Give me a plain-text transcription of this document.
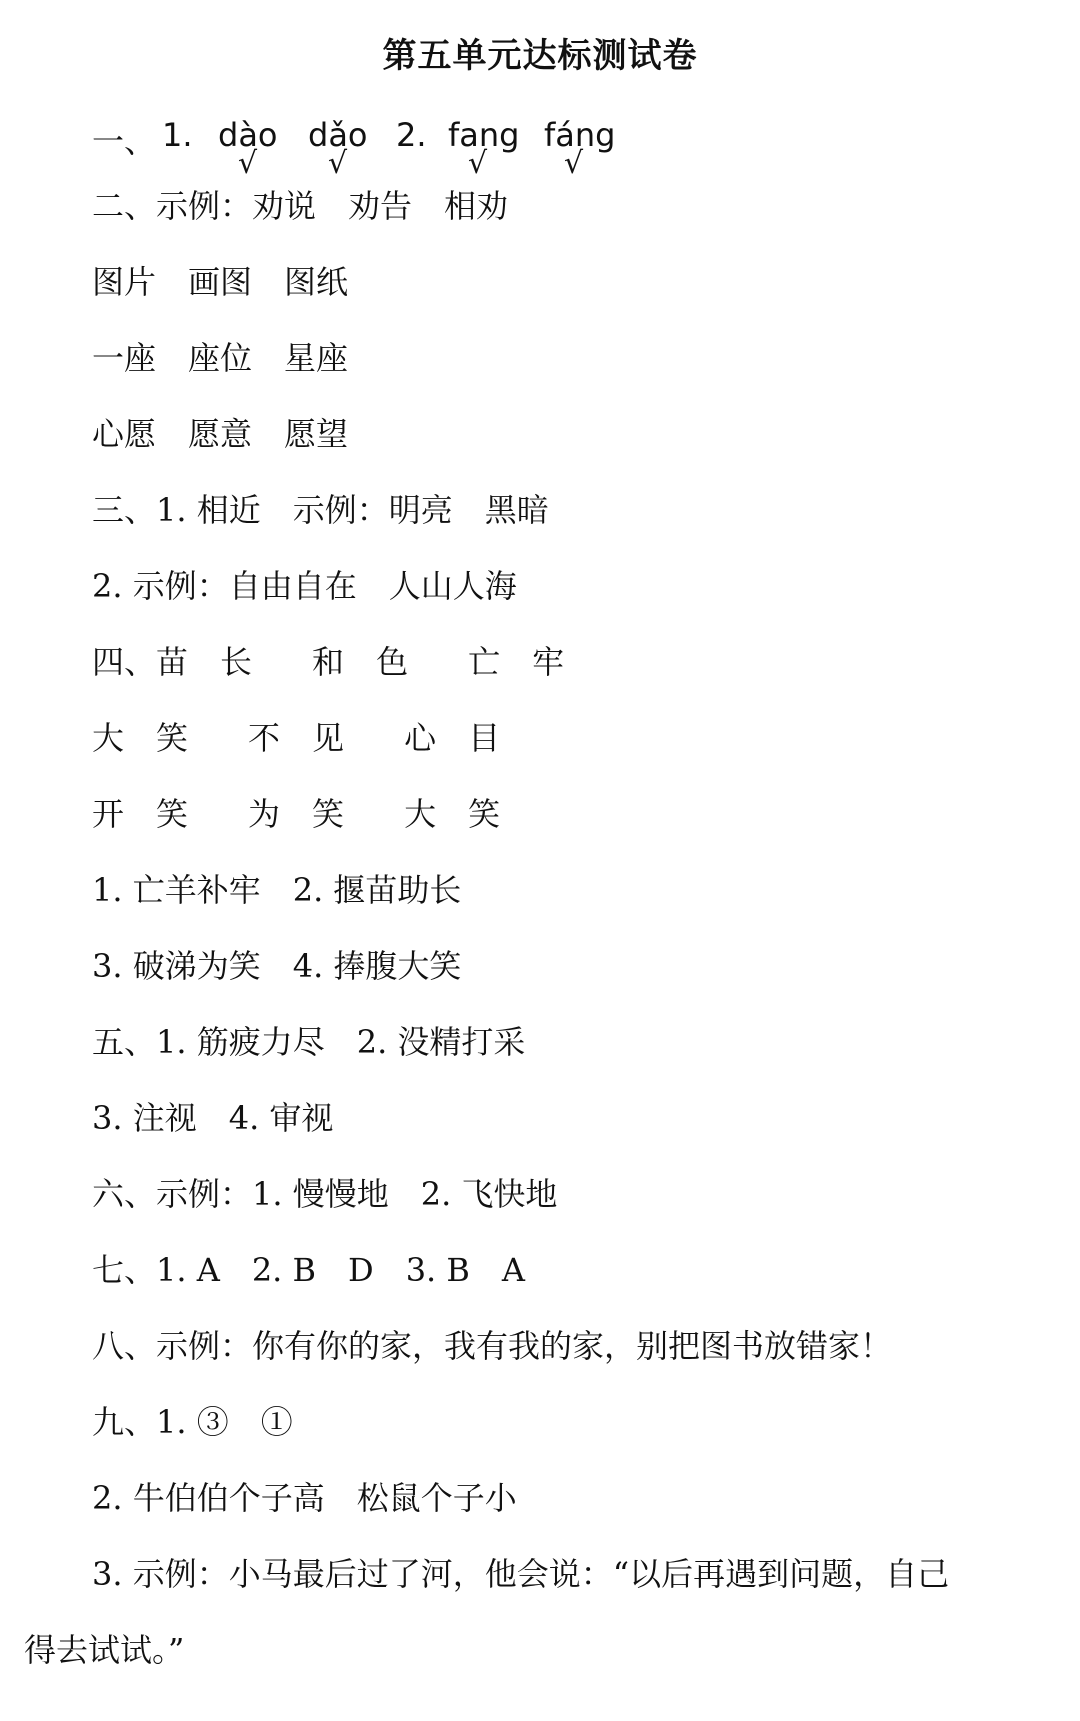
第五单元达标测试卷
一、 1. dào dǎo 2. fang fáng
√ √	√	√
二、示例：劝说　劝告　相劝
图片　画图　图纸
一座　座位　星座
心愿　愿意　愿望
三、1. 相近　示例：明亮　黑暗
2. 示例：自由自在　人山人海
四、苗 长 和 色 亡 牢
大 笑 不 见 心 目
开 笑 为 笑 大 笑
1. 亡羊补牢　2. 揠苗助长
3. 破涕为笑　4. 捧腹大笑
五、1. 筋疲力尽　2. 没精打采
3. 注视　4. 审视
六、示例：1. 慢慢地　2. 飞快地
七、1. A　2. B　D　3. B　A
八、示例：你有你的家，我有我的家，别把图书放错家！
九、1. ③　①
2. 牛伯伯个子高　松鼠个子小
3. 示例：小马最后过了河，他会说：“以后再遇到问题，自己
得去试试。”
